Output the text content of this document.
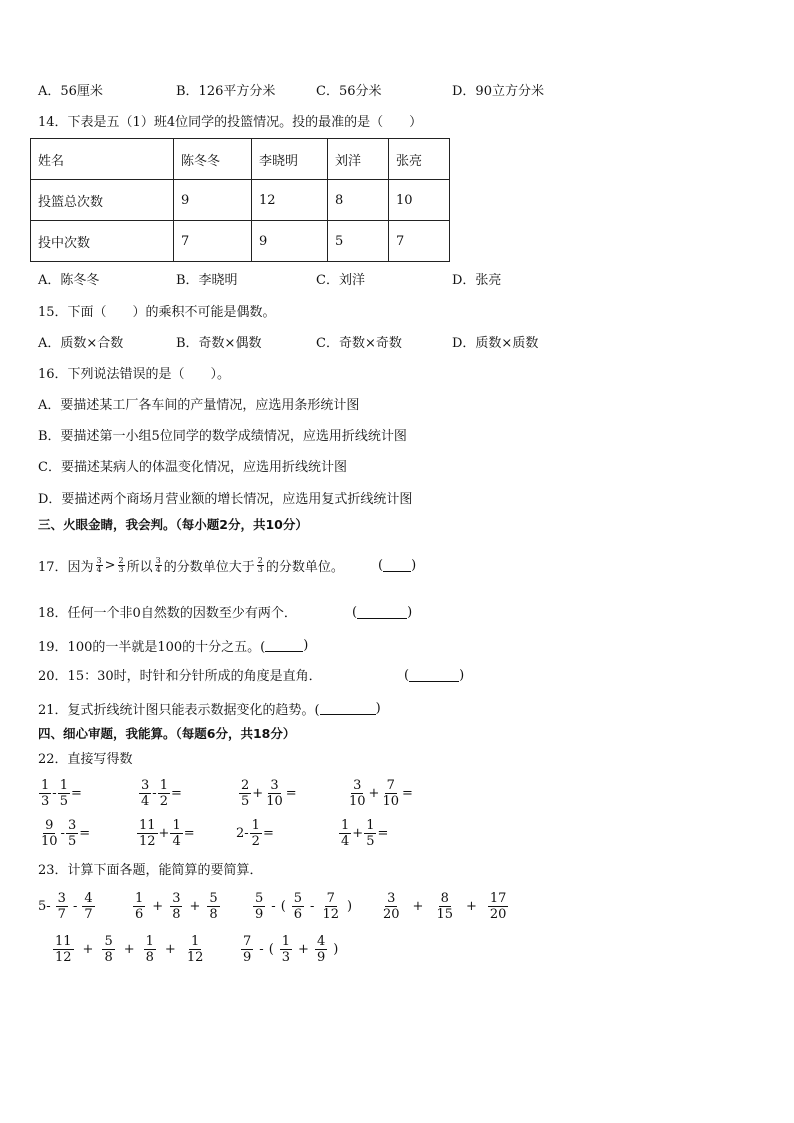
A．56厘米	B．126平方分米	C．56分米	D．90立方分米
14．下表是五（1）班4位同学的投篮情况。投的最准的是（　　）
姓名	陈冬冬	李晓明	刘洋	张亮
投篮总次数	9	12	8	10
投中次数	7	9	5	7
A．陈冬冬	B．李晓明	C．刘洋	D．张亮
15．下面（　　）的乘积不可能是偶数。
A．质数×合数	B．奇数×偶数	C．奇数×奇数	D．质数×质数
16．下列说法错误的是（　　）。
A．要描述某工厂各车间的产量情况，应选用条形统计图
B．要描述第一小组5位同学的数学成绩情况，应选用折线统计图
C．要描述某病人的体温变化情况，应选用折线统计图
D．要描述两个商场月营业额的增长情况，应选用复式折线统计图
三、火眼金睛，我会判。（每小题2分，共10分）
17．因为 $\frac{3}{4} > \frac{2}{3}$ 所以 $\frac{3}{4}$ 的分数单位大于 $\frac{2}{3}$ 的分数单位。	( )
18．任何一个非0自然数的因数至少有两个．	(	)
19．100的一半就是100的十分之五。(	)
20．15：30时，时针和分针所成的角度是直角．	(	)
21．复式折线统计图只能表示数据变化的趋势。(	)
四、细心审题，我能算。（每题6分，共18分）
22．直接写得数
$\frac{1}{3} - \frac{1}{5}$ =	$\frac{3}{4} - \frac{1}{2}$ =	$\frac{2}{5} + \frac{3}{10}$ =	$\frac{3}{10} + \frac{7}{10}$ =
$\frac{9}{10} - \frac{3}{5}$ =	$\frac{11}{12} + \frac{1}{4}$ =	$2- \frac{1}{2}$ =	$\frac{1}{4} + \frac{1}{5}$ =
23．计算下面各题，能简算的要简算．
$5- \frac{3}{7} - \frac{4}{7}$	$\frac{1}{6} + \frac{3}{8} + \frac{5}{8}$	$\frac{5}{9}$ - ( $\frac{5}{6} - \frac{7}{12}$ ) $\frac{3}{20} + \frac{8}{15} + \frac{17}{20}$
$\frac{11}{12} + \frac{5}{8} + \frac{1}{8} + \frac{1}{12}$	$\frac{7}{9}$ - ( $\frac{1}{3} + \frac{4}{9}$ )
